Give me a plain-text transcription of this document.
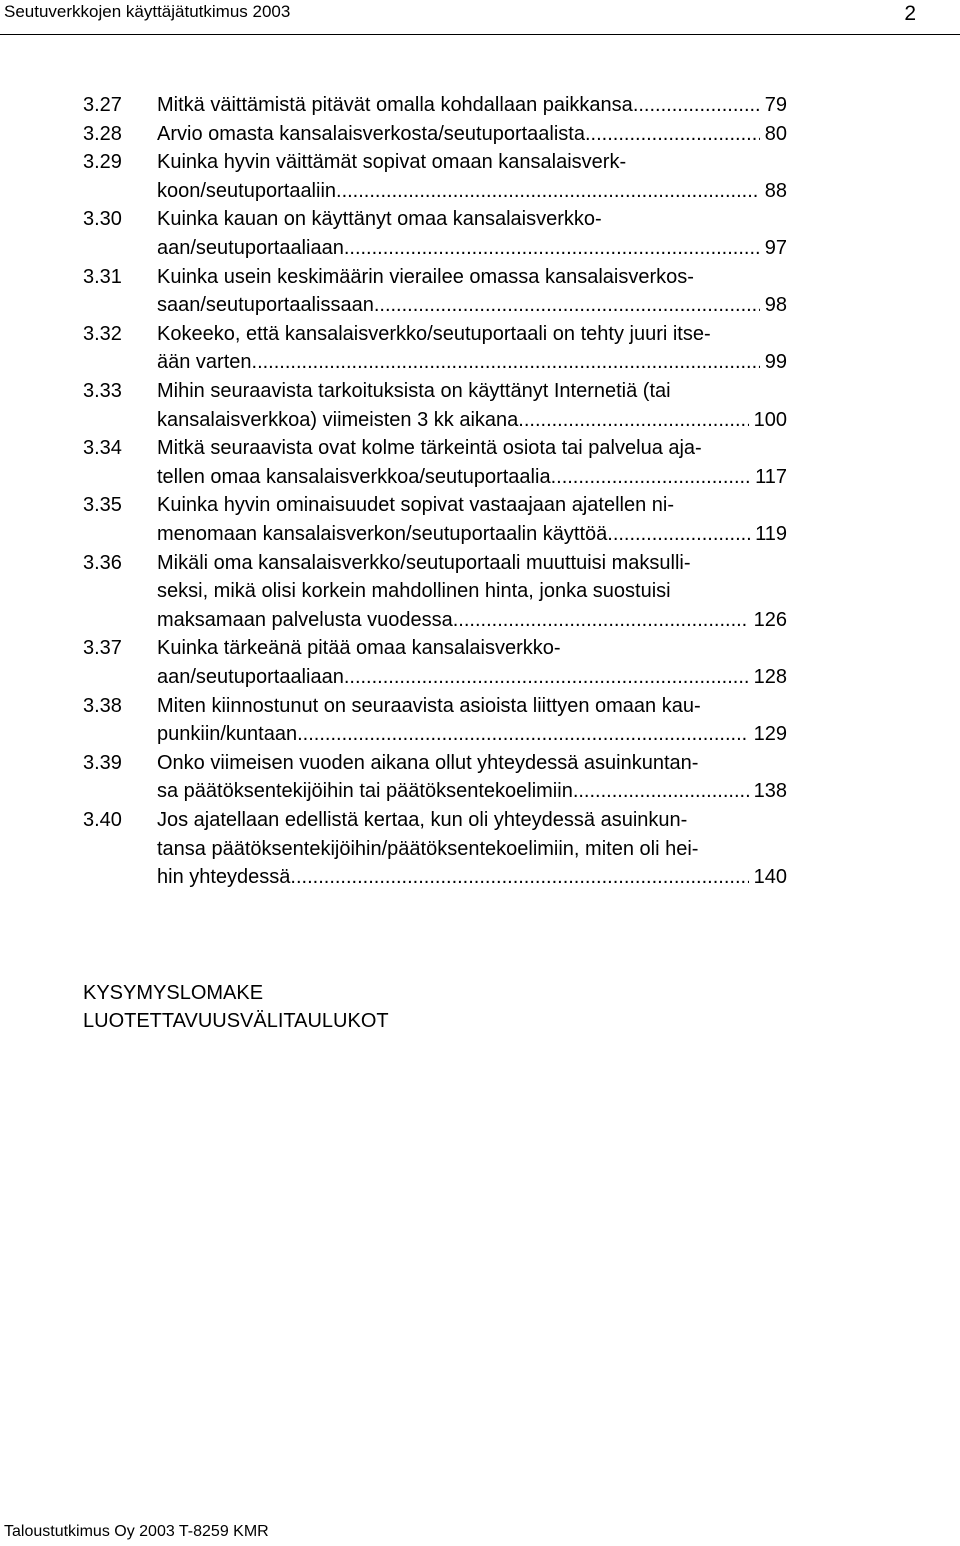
Seutuverkkojen käyttäjätutkimus 2003	2
3.27 Mitkä väittämistä pitävät omalla kohdallaan paikkansa .....	79
3.28 Arvio omasta kansalaisverkosta/seutuportaalista .....	80
3.29 Kuinka hyvin väittämät sopivat omaan kansalaisverk-
koon/seutuportaaliin .....	88
3.30 Kuinka kauan on käyttänyt omaa kansalaisverkko-
aan/seutuportaaliaan .....	97
3.31 Kuinka usein keskimäärin vierailee omassa kansalaisverkos-
saan/seutuportaalissaan .....	98
3.32 Kokeeko, että kansalaisverkko/seutuportaali on tehty juuri itse-
ään varten .....	99
3.33 Mihin seuraavista tarkoituksista on käyttänyt Internetiä (tai
kansalaisverkkoa) viimeisten 3 kk aikana .....	100
3.34 Mitkä seuraavista ovat kolme tärkeintä osiota tai palvelua aja-
tellen omaa kansalaisverkkoa/seutuportaalia .....	117
3.35 Kuinka hyvin ominaisuudet sopivat vastaajaan ajatellen ni-
menomaan kansalaisverkon/seutuportaalin käyttöä .....	119
3.36 Mikäli oma kansalaisverkko/seutuportaali muuttuisi maksulli-
seksi, mikä olisi korkein mahdollinen hinta, jonka suostuisi
maksamaan palvelusta vuodessa .....	126
3.37 Kuinka tärkeänä pitää omaa kansalaisverkko-
aan/seutuportaaliaan .....	128
3.38 Miten kiinnostunut on seuraavista asioista liittyen omaan kau-
punkiin/kuntaan .....	129
3.39 Onko viimeisen vuoden aikana ollut yhteydessä asuinkuntan-
sa päätöksentekijöihin tai päätöksentekoelimiin .....	138
3.40 Jos ajatellaan edellistä kertaa, kun oli yhteydessä asuinkun-
tansa päätöksentekijöihin/päätöksentekoelimiin, miten oli hei-
hin yhteydessä .....	140
KYSYMYSLOMAKE
LUOTETTAVUUSVÄLITAULUKOT
Taloustutkimus Oy 2003 T-8259 KMR
